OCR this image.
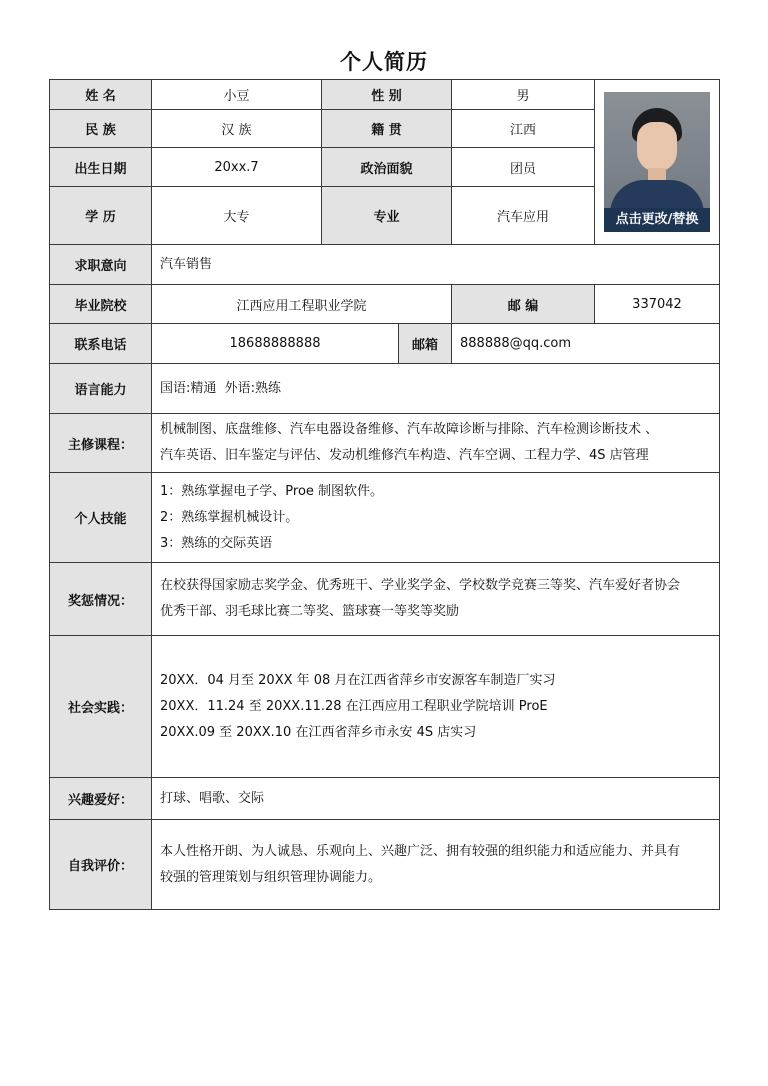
个人简历
姓 名	小豆	性 别		男	点击更改/替换

民 族	汉 族	籍 贯		江西	
出生日期	20xx.7	政治面貌		团员	
学 历	大专	专业		汽车应用	
求职意向	汽车销售				
毕业院校	江西应用工程职业学院			邮 编	337042
联系电话	18688888888		邮箱	888888@qq.com	
语言能力	国语:精通  外语:熟练				
主修课程：	机械制图、底盘维修、汽车电器设备维修、汽车故障诊断与排除、汽车检测诊断技术 、
汽车英语、旧车鉴定与评估、发动机维修汽车构造、汽车空调、工程力学、4S 店管理				

个人技能	1：熟练掌握电子学、Proe 制图软件。
2：熟练掌握机械设计。
3：熟练的交际英语				

奖惩情况：	在校获得国家励志奖学金、优秀班干、学业奖学金、学校数学竞赛三等奖、汽车爱好者协会
优秀干部、羽毛球比赛二等奖、篮球赛一等奖等奖励				

社会实践：	20XX．04 月至 20XX 年 08 月在江西省萍乡市安源客车制造厂实习
20XX．11.24 至 20XX.11.28 在江西应用工程职业学院培训 ProE
20XX.09 至 20XX.10 在江西省萍乡市永安 4S 店实习				

兴趣爱好：	打球、唱歌、交际				
自我评价：	本人性格开朗、为人诚恳、乐观向上、兴趣广泛、拥有较强的组织能力和适应能力、并具有
较强的管理策划与组织管理协调能力。				
